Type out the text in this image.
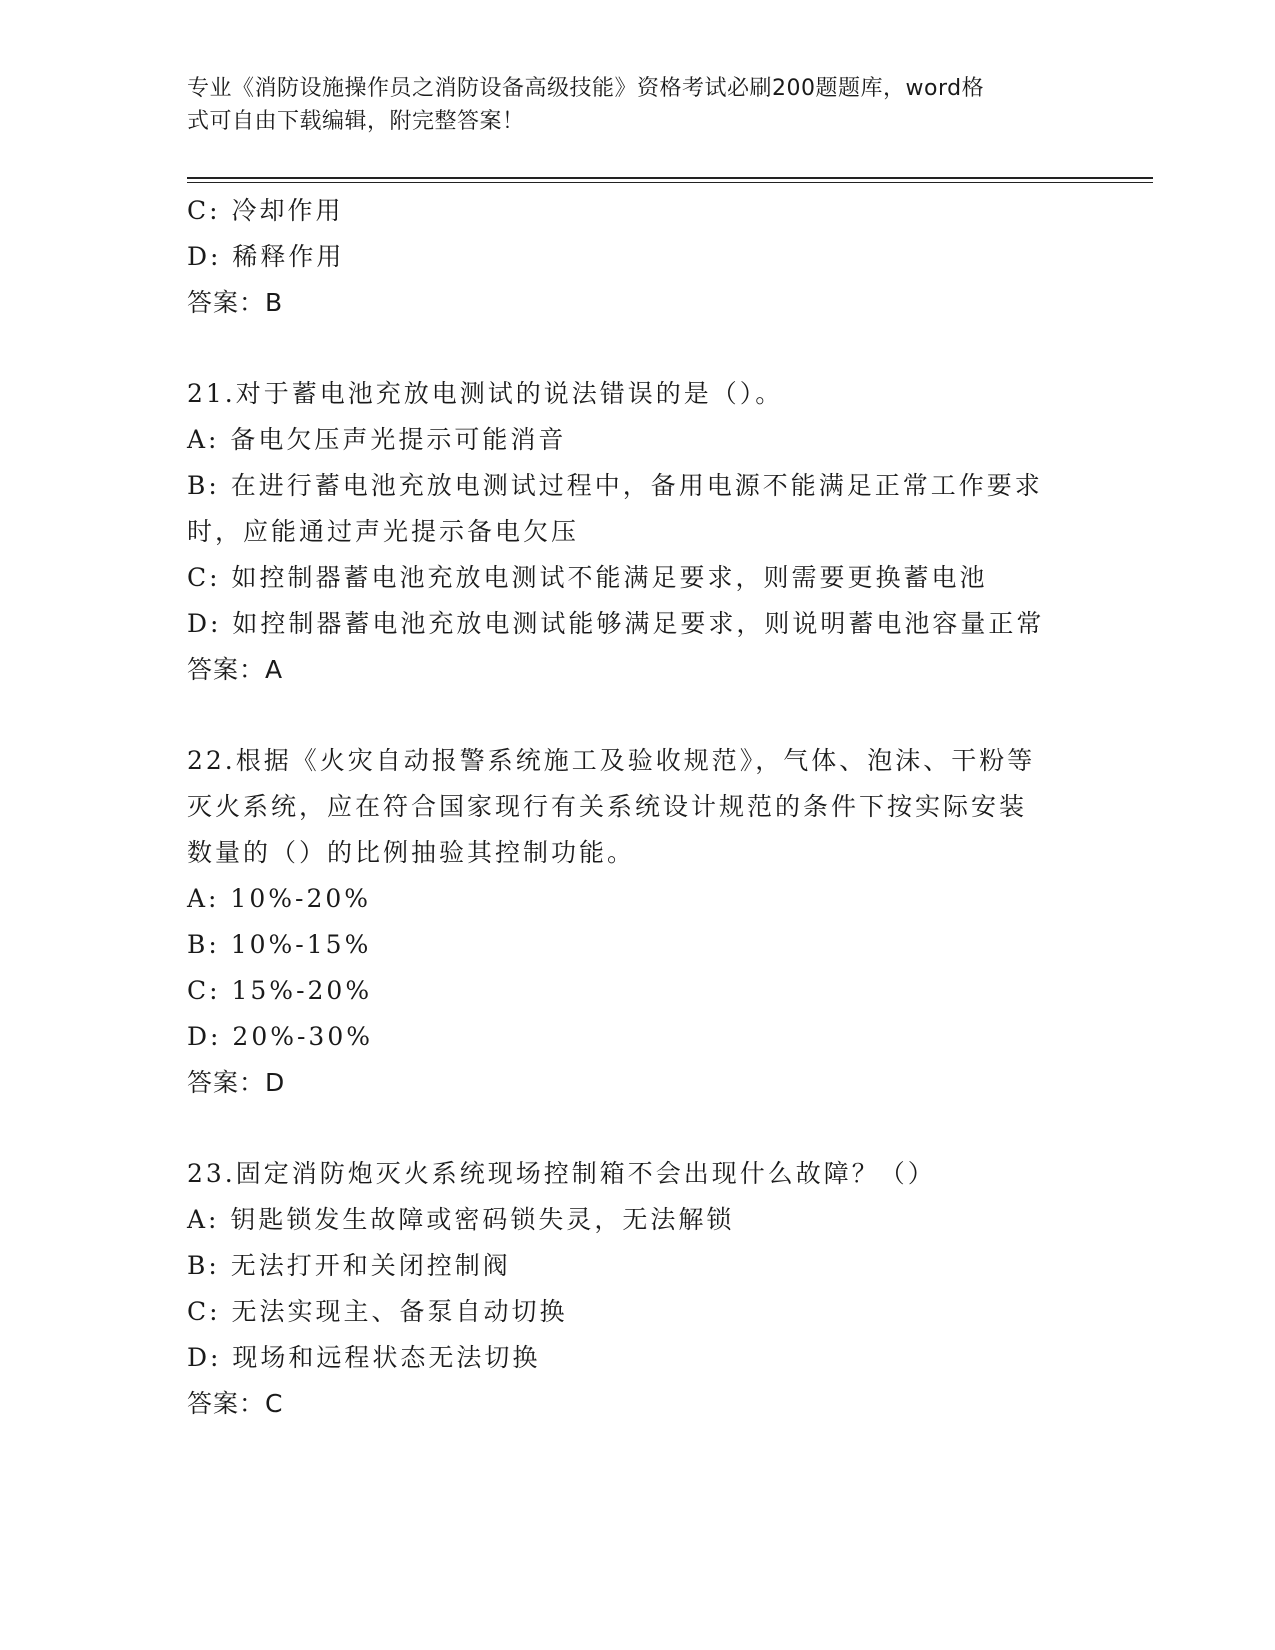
专业《消防设施操作员之消防设备高级技能》资格考试必刷200题题库，word格
式可自由下载编辑，附完整答案！
C: 冷却作用
D: 稀释作用
答案：B
21.对于蓄电池充放电测试的说法错误的是（）。
A: 备电欠压声光提示可能消音
B: 在进行蓄电池充放电测试过程中，备用电源不能满足正常工作要求
时，应能通过声光提示备电欠压
C: 如控制器蓄电池充放电测试不能满足要求，则需要更换蓄电池
D: 如控制器蓄电池充放电测试能够满足要求，则说明蓄电池容量正常
答案：A
22.根据《火灾自动报警系统施工及验收规范》，气体、泡沫、干粉等
灭火系统，应在符合国家现行有关系统设计规范的条件下按实际安装
数量的（）的比例抽验其控制功能。
A: 10%-20%
B: 10%-15%
C: 15%-20%
D: 20%-30%
答案：D
23.固定消防炮灭火系统现场控制箱不会出现什么故障？（）
A: 钥匙锁发生故障或密码锁失灵，无法解锁
B: 无法打开和关闭控制阀
C: 无法实现主、备泵自动切换
D: 现场和远程状态无法切换
答案：C
